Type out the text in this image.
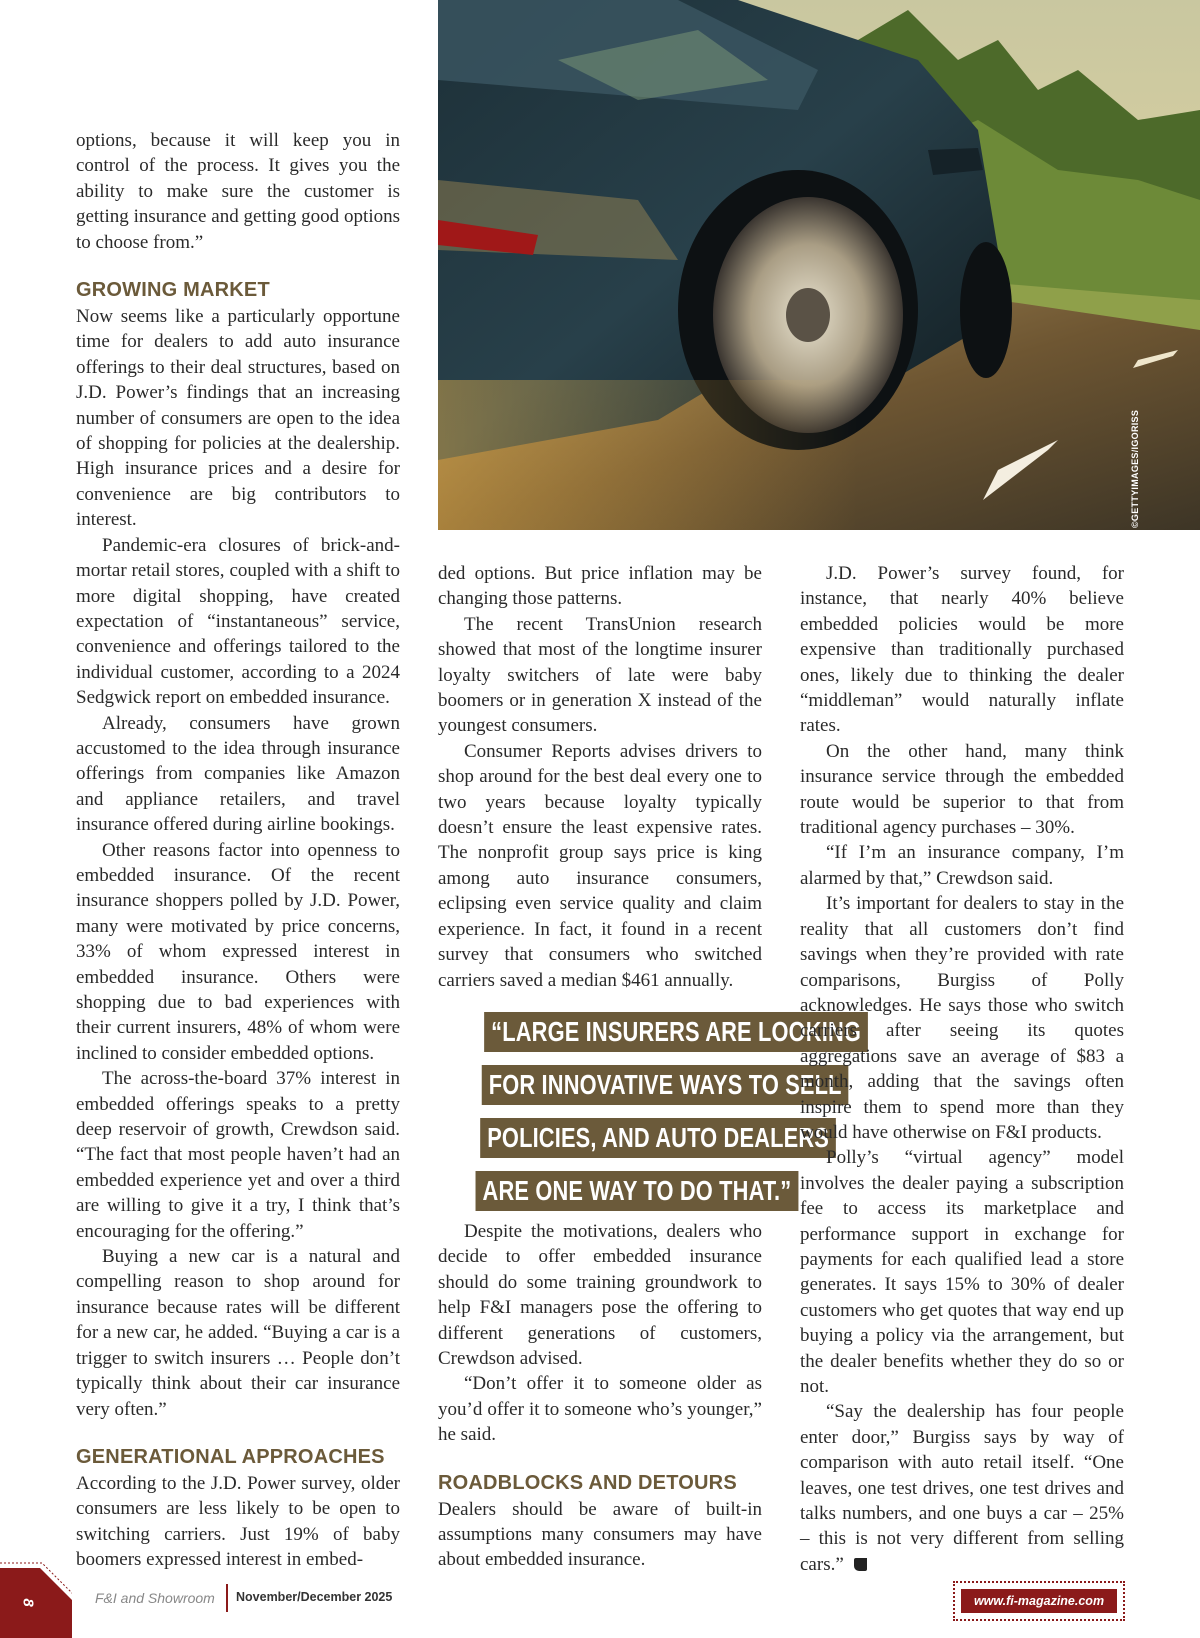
©GETTYIMAGES/IGORISS

options, because it will keep you in control of the process. It gives you the ability to make sure the customer is getting insurance and getting good options to choose from.”

GROWING MARKET

Now seems like a particularly opportune time for dealers to add auto insurance offerings to their deal structures, based on J.D. Power’s findings that an increasing number of consumers are open to the idea of shopping for policies at the dealership. High insurance prices and a desire for convenience are big contributors to interest.

Pandemic-era closures of brick-and-mortar retail stores, coupled with a shift to more digital shopping, have created expectation of “instantaneous” service, convenience and offerings tailored to the individual customer, according to a 2024 Sedgwick report on embedded insurance.

Already, consumers have grown accustomed to the idea through insurance offerings from companies like Amazon and appliance retailers, and travel insurance offered during airline bookings.

Other reasons factor into openness to embedded insurance. Of the recent insurance shoppers polled by J.D. Power, many were motivated by price concerns, 33% of whom expressed interest in embedded insurance. Others were shopping due to bad experiences with their current insurers, 48% of whom were inclined to consider embedded options.

The across-the-board 37% interest in embedded offerings speaks to a pretty deep reservoir of growth, Crewdson said. “The fact that most people haven’t had an embedded experience yet and over a third are willing to give it a try, I think that’s encouraging for the offering.”

Buying a new car is a natural and compelling reason to shop around for insurance because rates will be different for a new car, he added. “Buying a car is a trigger to switch insurers … People don’t typically think about their car insurance very often.”

GENERATIONAL APPROACHES

According to the J.D. Power survey, older consumers are less likely to be open to switching carriers. Just 19% of baby boomers expressed interest in embed-

ded options. But price inflation may be changing those patterns.

The recent TransUnion research showed that most of the longtime insurer loyalty switchers of late were baby boomers or in generation X instead of the youngest consumers.

Consumer Reports advises drivers to shop around for the best deal every one to two years because loyalty typically doesn’t ensure the least expensive rates. The nonprofit group says price is king among auto insurance consumers, eclipsing even service quality and claim experience. In fact, it found in a recent survey that consumers who switched carriers saved a median $461 annually.

Despite the motivations, dealers who decide to offer embedded insurance should do some training groundwork to help F&I managers pose the offering to different generations of customers, Crewdson advised.

“Don’t offer it to someone older as you’d offer it to someone who’s younger,” he said.

ROADBLOCKS AND DETOURS

Dealers should be aware of built-in assumptions many consumers may have about embedded insurance.

“LARGE INSURERS ARE LOOKING
FOR INNOVATIVE WAYS TO SELL
POLICIES, AND AUTO DEALERS
ARE ONE WAY TO DO THAT.”

J.D. Power’s survey found, for instance, that nearly 40% believe embedded policies would be more expensive than traditionally purchased ones, likely due to thinking the dealer “middleman” would naturally inflate rates.

On the other hand, many think insurance service through the embedded route would be superior to that from traditional agency purchases – 30%.

“If I’m an insurance company, I’m alarmed by that,” Crewdson said.

It’s important for dealers to stay in the reality that all customers don’t find savings when they’re provided with rate comparisons, Burgiss of Polly acknowledges. He says those who switch carriers after seeing its quotes aggregations save an average of $83 a month, adding that the savings often inspire them to spend more than they would have otherwise on F&I products.

Polly’s “virtual agency” model involves the dealer paying a subscription fee to access its marketplace and performance support in exchange for payments for each qualified lead a store generates. It says 15% to 30% of dealer customers who get quotes that way end up buying a policy via the arrangement, but the dealer benefits whether they do so or not.

“Say the dealership has four people enter door,” Burgiss says by way of comparison with auto retail itself. “One leaves, one test drives, one test drives and talks numbers, and one buys a car – 25% – this is not very different from selling cars.”

8	F&I and Showroom November/December 2025	www.fi-magazine.com
